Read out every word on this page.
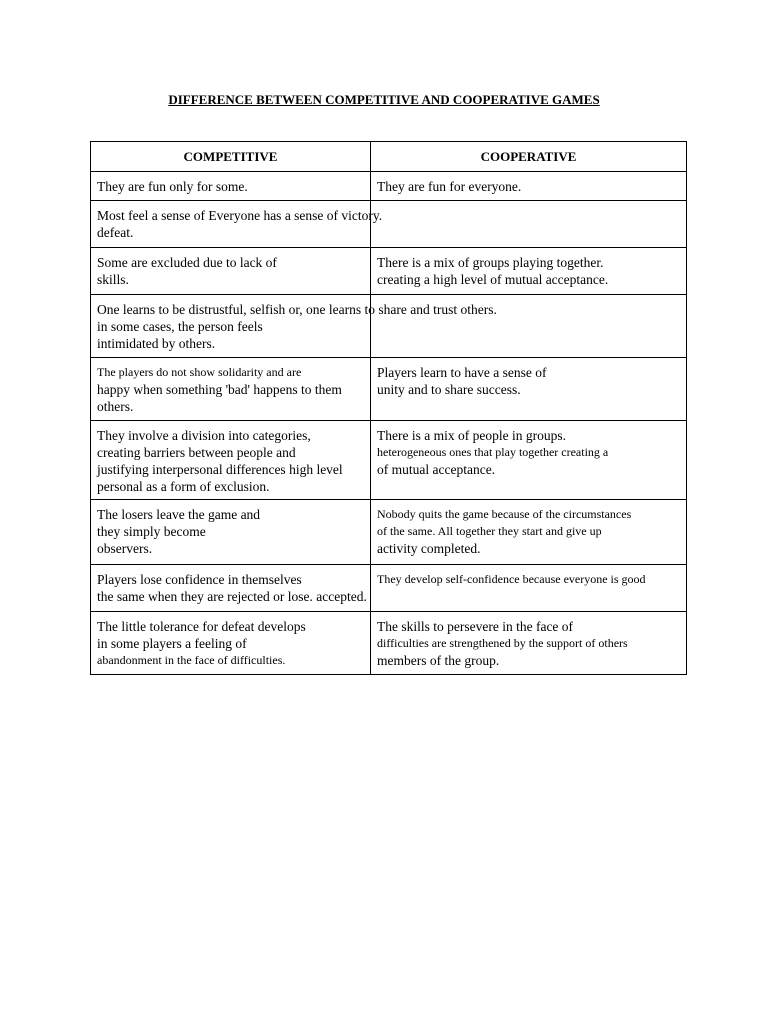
DIFFERENCE BETWEEN COMPETITIVE AND COOPERATIVE GAMES
COMPETITIVE	COOPERATIVE

They are fun only for some.	They are fun for everyone.

Most feel a sense of Everyone has a sense of victory.
defeat.	

Some are excluded due to lack of
skills.	There is a mix of groups playing together.
creating a high level of mutual acceptance.

One learns to be distrustful, selfish or, one learns to share and trust others.
in some cases, the person feels
intimidated by others.	

The players do not show solidarity and are
happy when something 'bad' happens to them
others.	Players learn to have a sense of
unity and to share success.

They involve a division into categories,
creating barriers between people and
justifying interpersonal differences high level
personal as a form of exclusion.	There is a mix of people in groups.
heterogeneous ones that play together creating a
of mutual acceptance.

The losers leave the game and
they simply become
observers.	Nobody quits the game because of the circumstances
of the same. All together they start and give up
activity completed.

Players lose confidence in themselves
the same when they are rejected or lose. accepted.	They develop self-confidence because everyone is good

The little tolerance for defeat develops
in some players a feeling of
abandonment in the face of difficulties.	The skills to persevere in the face of
difficulties are strengthened by the support of others
members of the group.
